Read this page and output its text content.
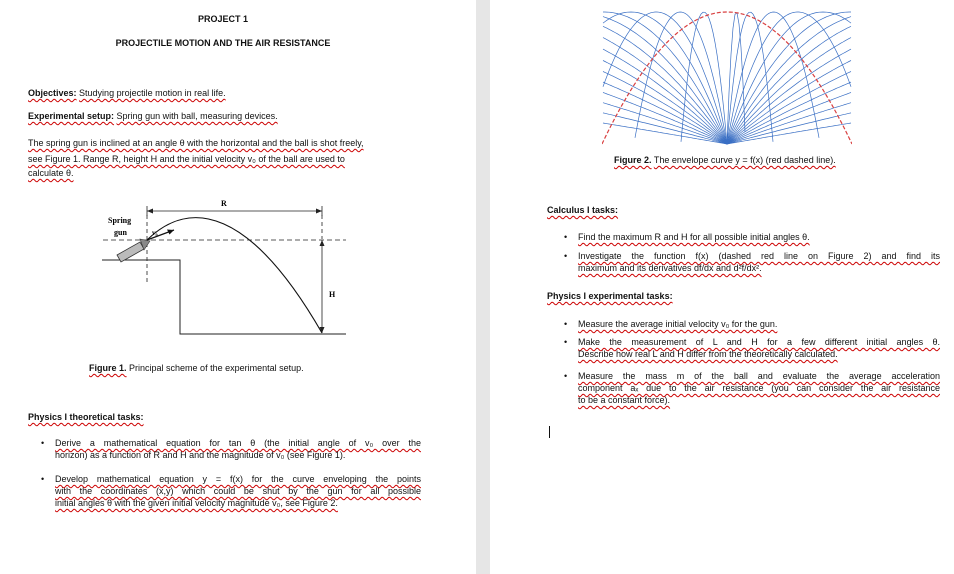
PROJECT 1
PROJECTILE MOTION AND THE AIR RESISTANCE
Objectives: Studying projectile motion in real life.
Experimental setup: Spring gun with ball, measuring devices.
The spring gun is inclined at an angle θ with the horizontal and the ball is shot freely,
see Figure 1. Range R, height H and the initial velocity v₀ of the ball are used to
calculate θ.
Spring
gun
R
H
v₀
Figure 1. Principal scheme of the experimental setup.
Physics I theoretical tasks:
• Derive a mathematical equation for tan θ (the initial angle of v₀ over the
horizon) as a function of R and H and the magnitude of v₀ (see Figure 1).
• Develop mathematical equation y = f(x) for the curve enveloping the points
with the coordinates (x,y) which could be shut by the gun for all possible
initial angles θ with the given initial velocity magnitude v₀, see Figure 2.
Figure 2. The envelope curve y = f(x) (red dashed line).
Calculus I tasks:
• Find the maximum R and H for all possible initial angles θ.
• Investigate the function f(x) (dashed red line on Figure 2) and find its
maximum and its derivatives df/dx and d²f/dx².
Physics I experimental tasks:
• Measure the average initial velocity v₀ for the gun.
• Make the measurement of L and H for a few different initial angles θ.
Describe how real L and H differ from the theoretically calculated.
• Measure the mass m of the ball and evaluate the average acceleration
component aₓ due to the air resistance (you can consider the air resistance
to be a constant force).
